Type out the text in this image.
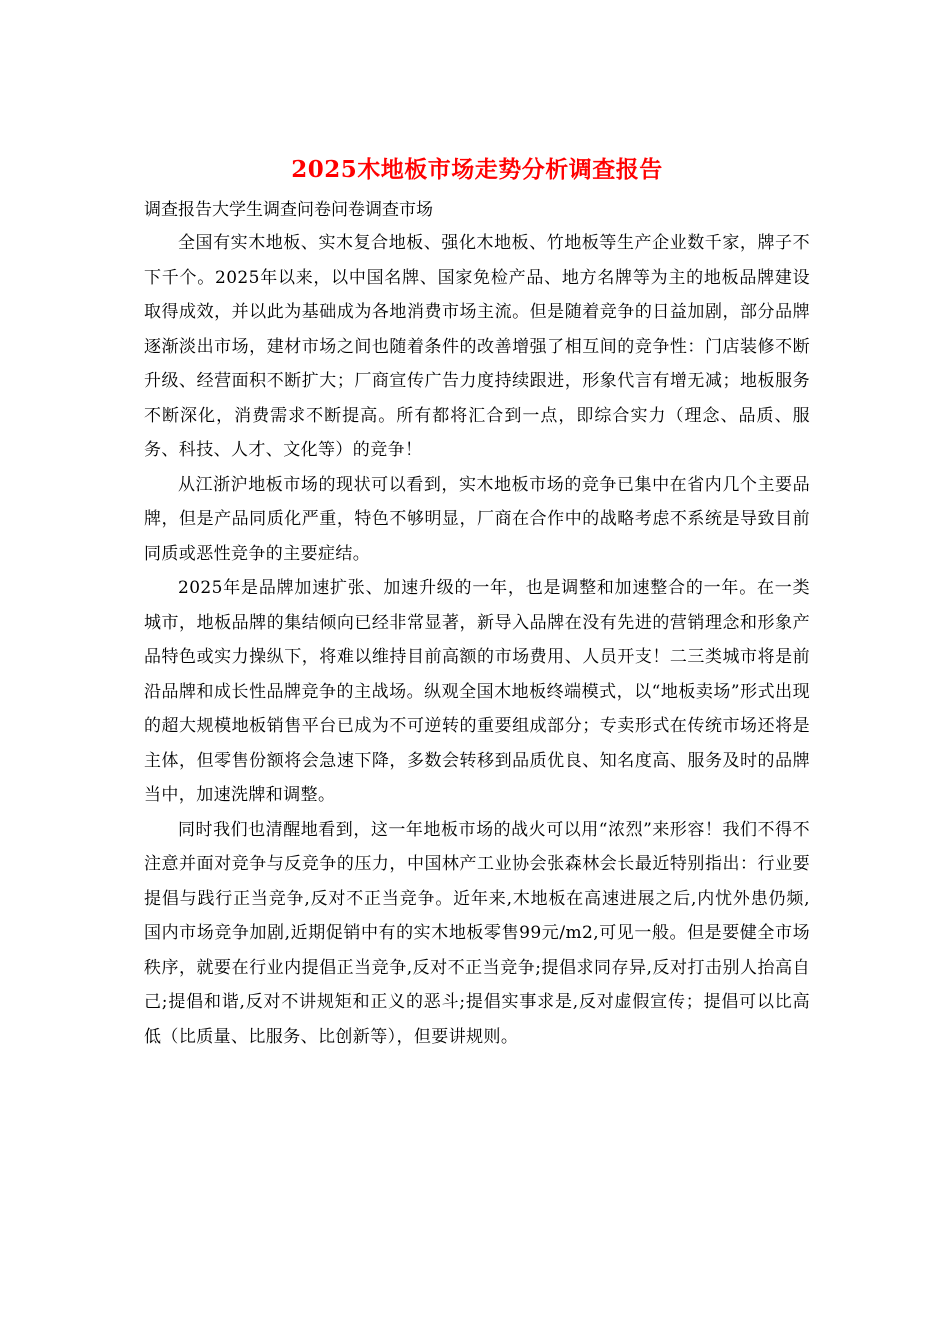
2025木地板市场走势分析调查报告

调查报告大学生调查问卷问卷调查市场

全国有实木地板、实木复合地板、强化木地板、竹地板等生产企业数千家，牌子不下千个。2025年以来，以中国名牌、国家免检产品、地方名牌等为主的地板品牌建设取得成效，并以此为基础成为各地消费市场主流。但是随着竞争的日益加剧，部分品牌逐渐淡出市场，建材市场之间也随着条件的改善增强了相互间的竞争性：门店装修不断升级、经营面积不断扩大；厂商宣传广告力度持续跟进，形象代言有增无减；地板服务不断深化，消费需求不断提高。所有都将汇合到一点，即综合实力（理念、品质、服务、科技、人才、文化等）的竞争！

从江浙沪地板市场的现状可以看到，实木地板市场的竞争已集中在省内几个主要品牌，但是产品同质化严重，特色不够明显，厂商在合作中的战略考虑不系统是导致目前同质或恶性竞争的主要症结。

2025年是品牌加速扩张、加速升级的一年，也是调整和加速整合的一年。在一类城市，地板品牌的集结倾向已经非常显著，新导入品牌在没有先进的营销理念和形象产品特色或实力操纵下，将难以维持目前高额的市场费用、人员开支！二三类城市将是前沿品牌和成长性品牌竞争的主战场。纵观全国木地板终端模式，以“地板卖场”形式出现的超大规模地板销售平台已成为不可逆转的重要组成部分；专卖形式在传统市场还将是主体，但零售份额将会急速下降，多数会转移到品质优良、知名度高、服务及时的品牌当中，加速洗牌和调整。

同时我们也清醒地看到，这一年地板市场的战火可以用“浓烈”来形容！我们不得不注意并面对竞争与反竞争的压力，中国林产工业协会张森林会长最近特别指出：行业要提倡与践行正当竞争,反对不正当竞争。近年来,木地板在高速进展之后,内忧外患仍频,国内市场竞争加剧,近期促销中有的实木地板零售99元/m2,可见一般。但是要健全市场秩序，就要在行业内提倡正当竞争,反对不正当竞争;提倡求同存异,反对打击别人抬高自己;提倡和谐,反对不讲规矩和正义的恶斗;提倡实事求是,反对虚假宣传；提倡可以比高低（比质量、比服务、比创新等），但要讲规则。
